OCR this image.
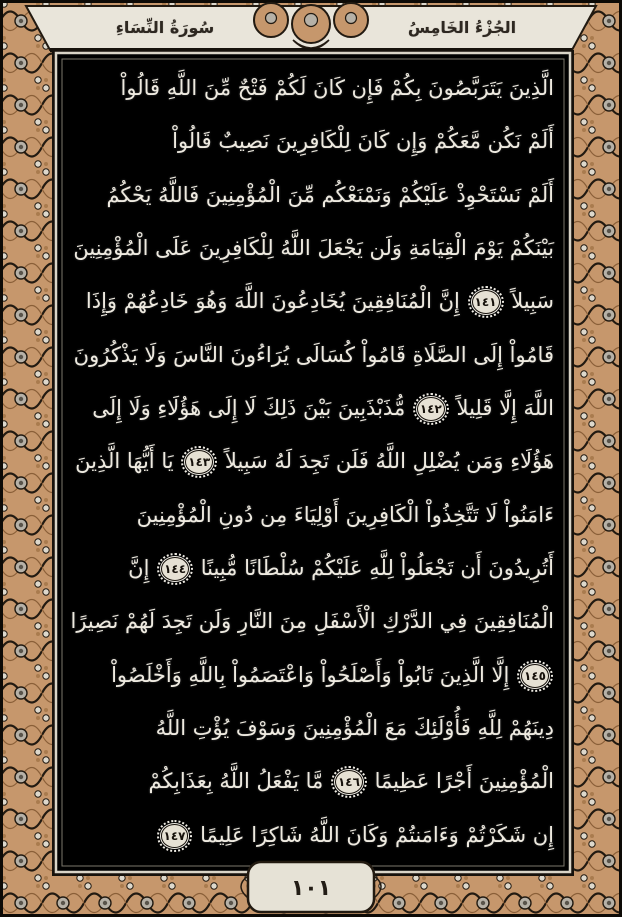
سُورَةُ النِّسَاءِ	الجُزْءُ الخَامِسُ
الَّذِينَ يَتَرَبَّصُونَ بِكُمْ فَإِن كَانَ لَكُمْ فَتْحٌ مِّنَ اللَّهِ قَالُواْ
أَلَمْ نَكُن مَّعَكُمْ وَإِن كَانَ لِلْكَافِرِينَ نَصِيبٌ قَالُواْ
أَلَمْ نَسْتَحْوِذْ عَلَيْكُمْ وَنَمْنَعْكُم مِّنَ الْمُؤْمِنِينَ فَاللَّهُ يَحْكُمُ
بَيْنَكُمْ يَوْمَ الْقِيَامَةِ وَلَن يَجْعَلَ اللَّهُ لِلْكَافِرِينَ عَلَى الْمُؤْمِنِينَ
سَبِيلاً ١٤١ إِنَّ الْمُنَافِقِينَ يُخَادِعُونَ اللَّهَ وَهُوَ خَادِعُهُمْ وَإِذَا
قَامُواْ إِلَى الصَّلَاةِ قَامُواْ كُسَالَى يُرَاءُونَ النَّاسَ وَلَا يَذْكُرُونَ
اللَّهَ إِلَّا قَلِيلاً ١٤٢ مُّذَبْذَبِينَ بَيْنَ ذَلِكَ لَا إِلَى هَؤُلَاءِ وَلَا إِلَى
هَؤُلَاءِ وَمَن يُضْلِلِ اللَّهُ فَلَن تَجِدَ لَهُ سَبِيلاً ١٤٣ يَا أَيُّهَا الَّذِينَ
ءَامَنُواْ لَا تَتَّخِذُواْ الْكَافِرِينَ أَوْلِيَاءَ مِن دُونِ الْمُؤْمِنِينَ
أَتُرِيدُونَ أَن تَجْعَلُواْ لِلَّهِ عَلَيْكُمْ سُلْطَانًا مُّبِينًا ١٤٤ إِنَّ
الْمُنَافِقِينَ فِي الدَّرْكِ الْأَسْفَلِ مِنَ النَّارِ وَلَن تَجِدَ لَهُمْ نَصِيرًا
١٤٥ إِلَّا الَّذِينَ تَابُواْ وَأَصْلَحُواْ وَاعْتَصَمُواْ بِاللَّهِ وَأَخْلَصُواْ
دِينَهُمْ لِلَّهِ فَأُوْلَئِكَ مَعَ الْمُؤْمِنِينَ وَسَوْفَ يُؤْتِ اللَّهُ
الْمُؤْمِنِينَ أَجْرًا عَظِيمًا ١٤٦ مَّا يَفْعَلُ اللَّهُ بِعَذَابِكُمْ
إِن شَكَرْتُمْ وَءَامَنتُمْ وَكَانَ اللَّهُ شَاكِرًا عَلِيمًا ١٤٧
١٠١
